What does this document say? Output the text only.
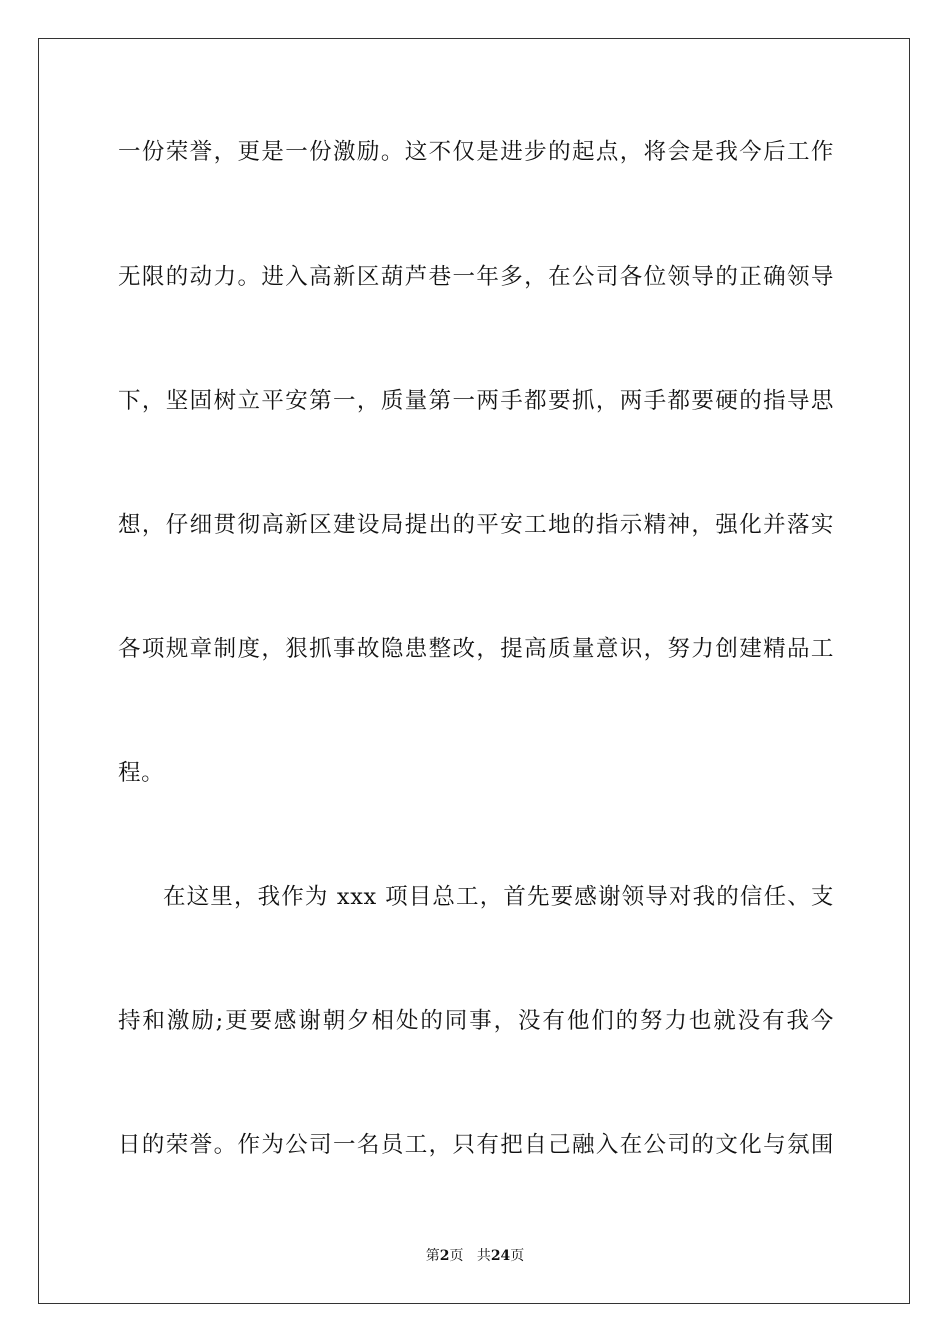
一份荣誉，更是一份激励。这不仅是进步的起点，将会是我今后工作
无限的动力。进入高新区葫芦巷一年多，在公司各位领导的正确领导
下，坚固树立平安第一，质量第一两手都要抓，两手都要硬的指导思
想，仔细贯彻高新区建设局提出的平安工地的指示精神，强化并落实
各项规章制度，狠抓事故隐患整改，提高质量意识，努力创建精品工
程。
在这里，我作为 xxx 项目总工，首先要感谢领导对我的信任、支
持和激励;更要感谢朝夕相处的同事，没有他们的努力也就没有我今
日的荣誉。作为公司一名员工，只有把自己融入在公司的文化与氛围
第2页 共24页
